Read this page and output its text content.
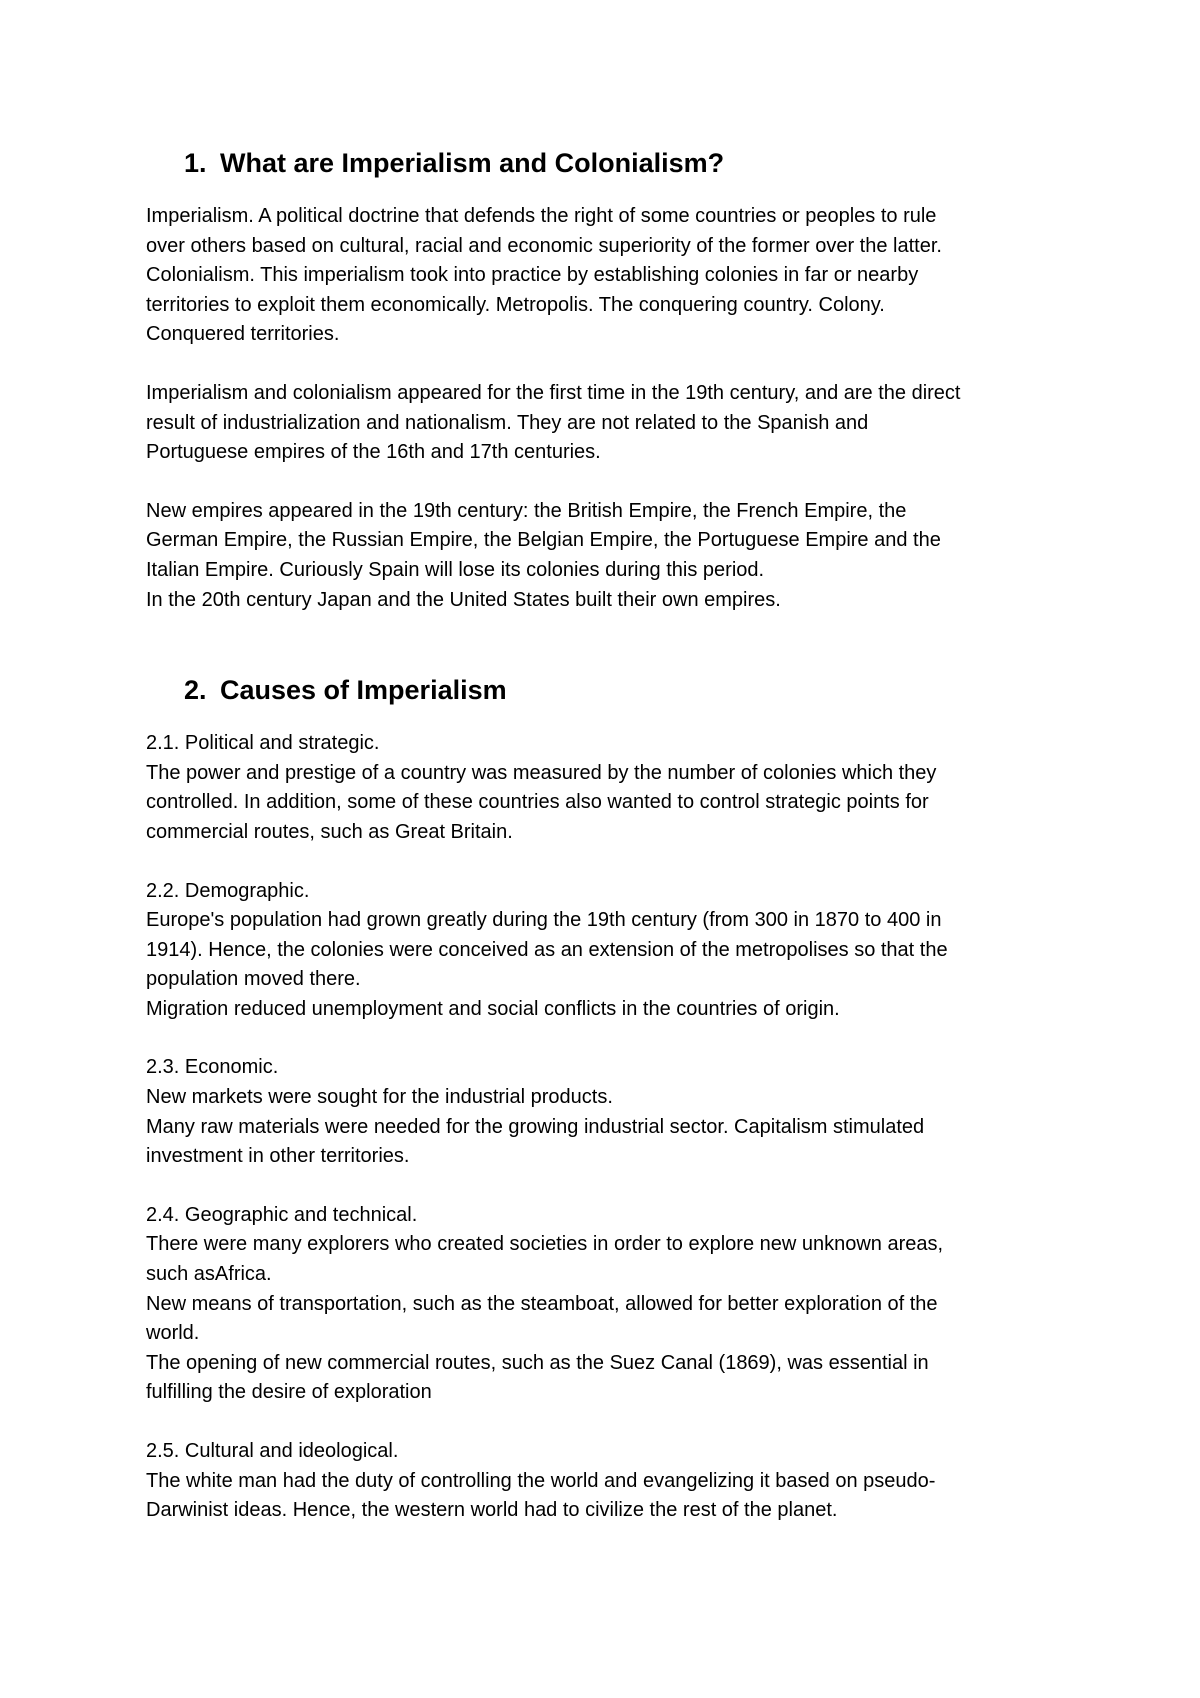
1. What are Imperialism and Colonialism?
Imperialism. A political doctrine that defends the right of some countries or peoples to rule
over others based on cultural, racial and economic superiority of the former over the latter.
Colonialism. This imperialism took into practice by establishing colonies in far or nearby
territories to exploit them economically. Metropolis. The conquering country. Colony.
Conquered territories.
Imperialism and colonialism appeared for the first time in the 19th century, and are the direct
result of industrialization and nationalism. They are not related to the Spanish and
Portuguese empires of the 16th and 17th centuries.
New empires appeared in the 19th century: the British Empire, the French Empire, the
German Empire, the Russian Empire, the Belgian Empire, the Portuguese Empire and the
Italian Empire. Curiously Spain will lose its colonies during this period.
In the 20th century Japan and the United States built their own empires.
2. Causes of Imperialism
2.1. Political and strategic.
The power and prestige of a country was measured by the number of colonies which they
controlled. In addition, some of these countries also wanted to control strategic points for
commercial routes, such as Great Britain.
2.2. Demographic.
Europe's population had grown greatly during the 19th century (from 300 in 1870 to 400 in
1914). Hence, the colonies were conceived as an extension of the metropolises so that the
population moved there.
Migration reduced unemployment and social conflicts in the countries of origin.
2.3. Economic.
New markets were sought for the industrial products.
Many raw materials were needed for the growing industrial sector. Capitalism stimulated
investment in other territories.
2.4. Geographic and technical.
There were many explorers who created societies in order to explore new unknown areas,
such asAfrica.
New means of transportation, such as the steamboat, allowed for better exploration of the
world.
The opening of new commercial routes, such as the Suez Canal (1869), was essential in
fulfilling the desire of exploration
2.5. Cultural and ideological.
The white man had the duty of controlling the world and evangelizing it based on pseudo-
Darwinist ideas. Hence, the western world had to civilize the rest of the planet.
